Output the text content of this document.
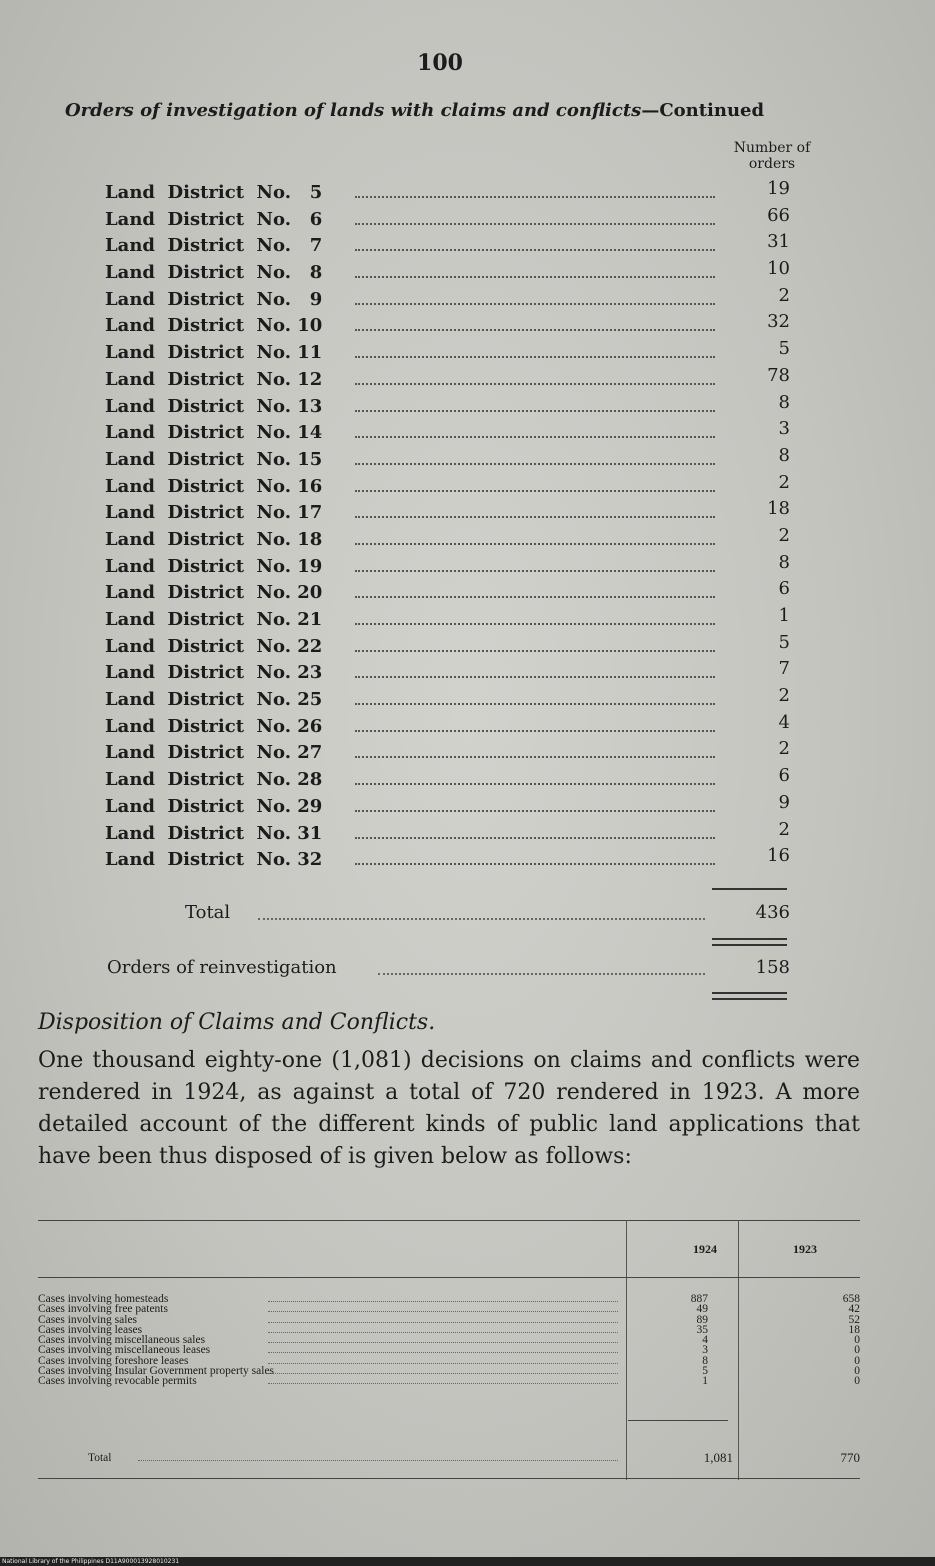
100
Orders of investigation of lands with claims and conflicts—Continued
Number of orders
Land  District  No.   5	19
Land  District  No.   6	66
Land  District  No.   7	31
Land  District  No.   8	10
Land  District  No.   9	2
Land  District  No. 10	32
Land  District  No. 11	5
Land  District  No. 12	78
Land  District  No. 13	8
Land  District  No. 14	3
Land  District  No. 15	8
Land  District  No. 16	2
Land  District  No. 17	18
Land  District  No. 18	2
Land  District  No. 19	8
Land  District  No. 20	6
Land  District  No. 21	1
Land  District  No. 22	5
Land  District  No. 23	7
Land  District  No. 25	2
Land  District  No. 26	4
Land  District  No. 27	2
Land  District  No. 28	6
Land  District  No. 29	9
Land  District  No. 31	2
Land  District  No. 32	16
Total	436
Orders of reinvestigation	158
Disposition of Claims and Conflicts.
One thousand eighty-one (1,081) decisions on claims and conflicts were rendered in 1924, as against a total of 720 rendered in 1923. A more detailed account of the different kinds of public land applications that have been thus disposed of is given below as follows:
1924	1923
Cases involving homesteads	887	658
Cases involving free patents	49	42
Cases involving sales	89	52
Cases involving leases	35	18
Cases involving miscellaneous sales	4	0
Cases involving miscellaneous leases	3	0
Cases involving foreshore leases	8	0
Cases involving Insular Government property sales	5	0
Cases involving revocable permits	1	0
Total	1,081	770
National Library of the Philippines D11A900013928010231
